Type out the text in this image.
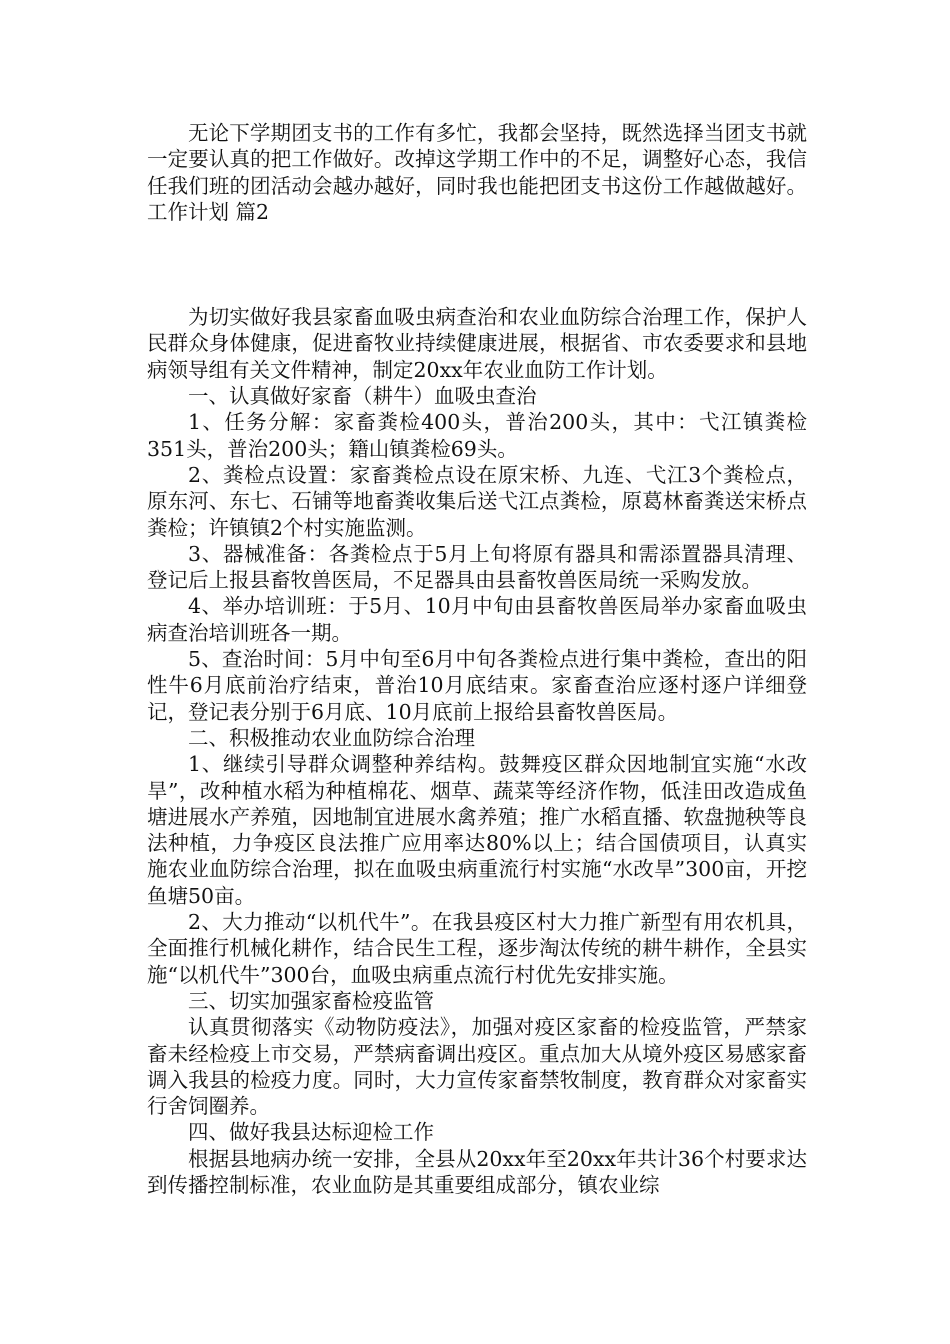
无论下学期团支书的工作有多忙，我都会坚持，既然选择当团支书就一定要认真的把工作做好。改掉这学期工作中的不足，调整好心态，我信任我们班的团活动会越办越好，同时我也能把团支书这份工作越做越好。工作计划 篇2

为切实做好我县家畜血吸虫病查治和农业血防综合治理工作，保护人民群众身体健康，促进畜牧业持续健康进展，根据省、市农委要求和县地病领导组有关文件精神，制定20xx年农业血防工作计划。

一、认真做好家畜（耕牛）血吸虫查治

1、任务分解：家畜粪检400头，普治200头，其中：弋江镇粪检351头，普治200头；籍山镇粪检69头。

2、粪检点设置：家畜粪检点设在原宋桥、九连、弋江3个粪检点，原东河、东七、石铺等地畜粪收集后送弋江点粪检，原葛林畜粪送宋桥点粪检；许镇镇2个村实施监测。

3、器械准备：各粪检点于5月上旬将原有器具和需添置器具清理、登记后上报县畜牧兽医局，不足器具由县畜牧兽医局统一采购发放。

4、举办培训班：于5月、10月中旬由县畜牧兽医局举办家畜血吸虫病查治培训班各一期。

5、查治时间：5月中旬至6月中旬各粪检点进行集中粪检，查出的阳性牛6月底前治疗结束，普治10月底结束。家畜查治应逐村逐户详细登记，登记表分别于6月底、10月底前上报给县畜牧兽医局。

二、积极推动农业血防综合治理

1、继续引导群众调整种养结构。鼓舞疫区群众因地制宜实施“水改旱”，改种植水稻为种植棉花、烟草、蔬菜等经济作物，低洼田改造成鱼塘进展水产养殖，因地制宜进展水禽养殖；推广水稻直播、软盘抛秧等良法种植，力争疫区良法推广应用率达80%以上；结合国债项目，认真实施农业血防综合治理，拟在血吸虫病重流行村实施“水改旱”300亩，开挖鱼塘50亩。

2、大力推动“以机代牛”。在我县疫区村大力推广新型有用农机具，全面推行机械化耕作，结合民生工程，逐步淘汰传统的耕牛耕作，全县实施“以机代牛”300台，血吸虫病重点流行村优先安排实施。

三、切实加强家畜检疫监管

认真贯彻落实《动物防疫法》，加强对疫区家畜的检疫监管，严禁家畜未经检疫上市交易，严禁病畜调出疫区。重点加大从境外疫区易感家畜调入我县的检疫力度。同时，大力宣传家畜禁牧制度，教育群众对家畜实行舍饲圈养。

四、做好我县达标迎检工作

根据县地病办统一安排，全县从20xx年至20xx年共计36个村要求达到传播控制标准，农业血防是其重要组成部分，镇农业综
